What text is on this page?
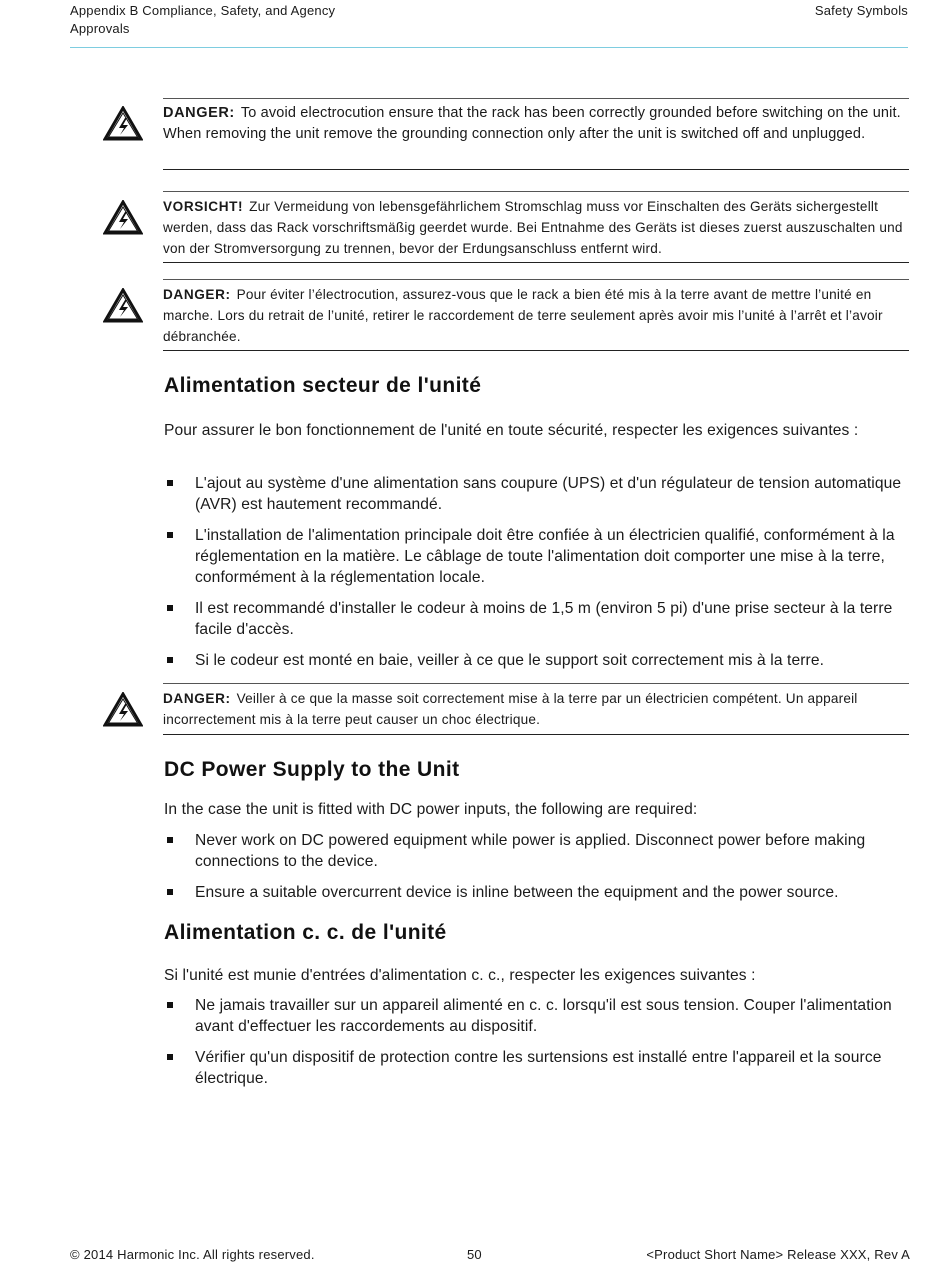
Appendix B Compliance, Safety, and Agency Approvals
Safety Symbols
DANGER: To avoid electrocution ensure that the rack has been correctly grounded before switching on the unit. When removing the unit remove the grounding connection only after the unit is switched off and unplugged.
VORSICHT! Zur Vermeidung von lebensgefährlichem Stromschlag muss vor Einschalten des Geräts sichergestellt werden, dass das Rack vorschriftsmäßig geerdet wurde. Bei Entnahme des Geräts ist dieses zuerst auszuschalten und von der Stromversorgung zu trennen, bevor der Erdungsanschluss entfernt wird.
DANGER: Pour éviter l’électrocution, assurez-vous que le rack a bien été mis à la terre avant de mettre l’unité en marche. Lors du retrait de l’unité, retirer le raccordement de terre seulement après avoir mis l’unité à l’arrêt et l’avoir débranchée.
Alimentation secteur de l'unité

Pour assurer le bon fonctionnement de l'unité en toute sécurité, respecter les exigences suivantes :

L'ajout au système d'une alimentation sans coupure (UPS) et d'un régulateur de tension automatique (AVR) est hautement recommandé.
L'installation de l'alimentation principale doit être confiée à un électricien qualifié, conformément à la réglementation en la matière. Le câblage de toute l'alimentation doit comporter une mise à la terre, conformément à la réglementation locale.
Il est recommandé d'installer le codeur à moins de 1,5 m (environ 5 pi) d'une prise secteur à la terre facile d'accès.
Si le codeur est monté en baie, veiller à ce que le support soit correctement mis à la terre.
DANGER: Veiller à ce que la masse soit correctement mise à la terre par un électricien compétent. Un appareil incorrectement mis à la terre peut causer un choc électrique.
DC Power Supply to the Unit

In the case the unit is fitted with DC power inputs, the following are required:

Never work on DC powered equipment while power is applied. Disconnect power before making connections to the device.
Ensure a suitable overcurrent device is inline between the equipment and the power source.
Alimentation c. c. de l'unité

Si l'unité est munie d'entrées d'alimentation c. c., respecter les exigences suivantes :

Ne jamais travailler sur un appareil alimenté en c. c. lorsqu'il est sous tension. Couper l'alimentation avant d'effectuer les raccordements au dispositif.
Vérifier qu'un dispositif de protection contre les surtensions est installé entre l'appareil et la source électrique.
© 2014 Harmonic Inc. All rights reserved.	50	<Product Short Name> Release XXX, Rev A
